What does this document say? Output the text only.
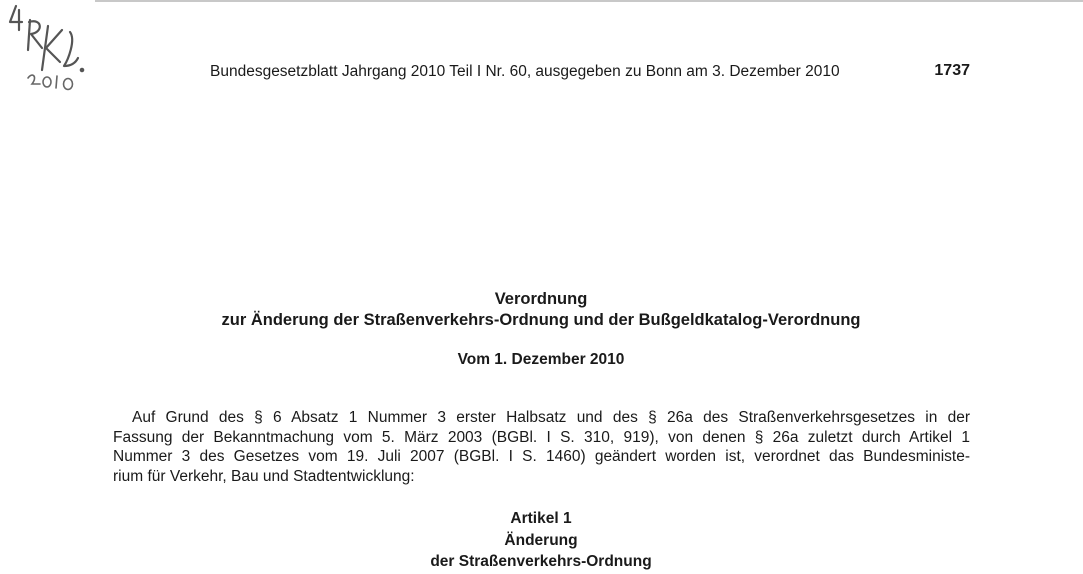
Bundesgesetzblatt Jahrgang 2010 Teil I Nr. 60, ausgegeben zu Bonn am 3. Dezember 2010	1737
Verordnung
zur Änderung der Straßenverkehrs-Ordnung und der Bußgeldkatalog-Verordnung
Vom 1. Dezember 2010
Auf Grund des § 6 Absatz 1 Nummer 3 erster Halbsatz und des § 26a des Straßenverkehrsgesetzes in der
Fassung der Bekanntmachung vom 5. März 2003 (BGBl. I S. 310, 919), von denen § 26a zuletzt durch Artikel 1
Nummer 3 des Gesetzes vom 19. Juli 2007 (BGBl. I S. 1460) geändert worden ist, verordnet das Bundesministe-
rium für Verkehr, Bau und Stadtentwicklung:
Artikel 1
Änderung
der Straßenverkehrs-Ordnung
